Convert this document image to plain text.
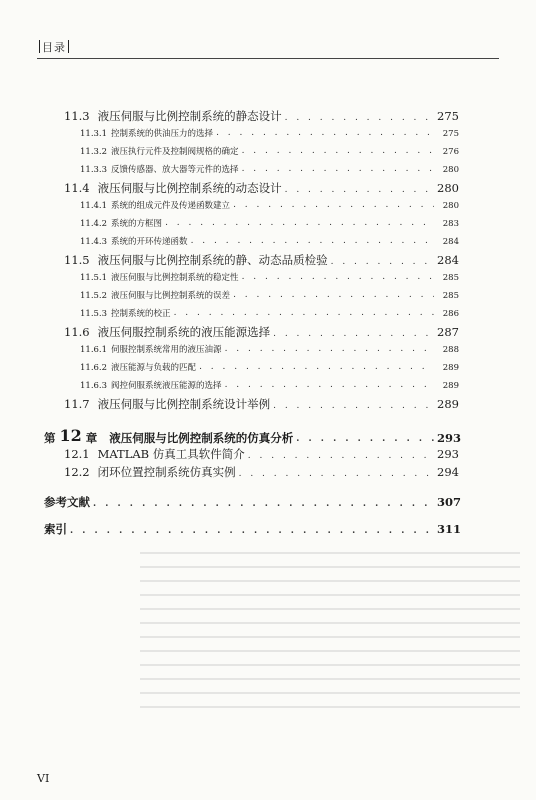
目录
11.3 液压伺服与比例控制系统的静态设计 . . .	275
11.3.1 控制系统的供油压力的选择 . . .	275
11.3.2 液压执行元件及控制阀规格的确定 . . .	276
11.3.3 反馈传感器、放大器等元件的选择 . . .	280
11.4 液压伺服与比例控制系统的动态设计 . . .	280
11.4.1 系统的组成元件及传递函数建立 . . .	280
11.4.2 系统的方框图 . . .	283
11.4.3 系统的开环传递函数 . . .	284
11.5 液压伺服与比例控制系统的静、动态品质检验 . . .	284
11.5.1 液压伺服与比例控制系统的稳定性 . . .	285
11.5.2 液压伺服与比例控制系统的误差 . . .	285
11.5.3 控制系统的校正 . . .	286
11.6 液压伺服控制系统的液压能源选择 . . .	287
11.6.1 伺服控制系统常用的液压油源 . . .	288
11.6.2 液压能源与负载的匹配 . . .	289
11.6.3 阀控伺服系统液压能源的选择 . . .	289
11.7 液压伺服与比例控制系统设计举例 . . .	289
第 12 章 液压伺服与比例控制系统的仿真分析 . . .	293
12.1 MATLAB 仿真工具软件简介 . . .	293
12.2 闭环位置控制系统仿真实例 . . .	294
参考文献 . . .	307
索引 . . .	311
VI
